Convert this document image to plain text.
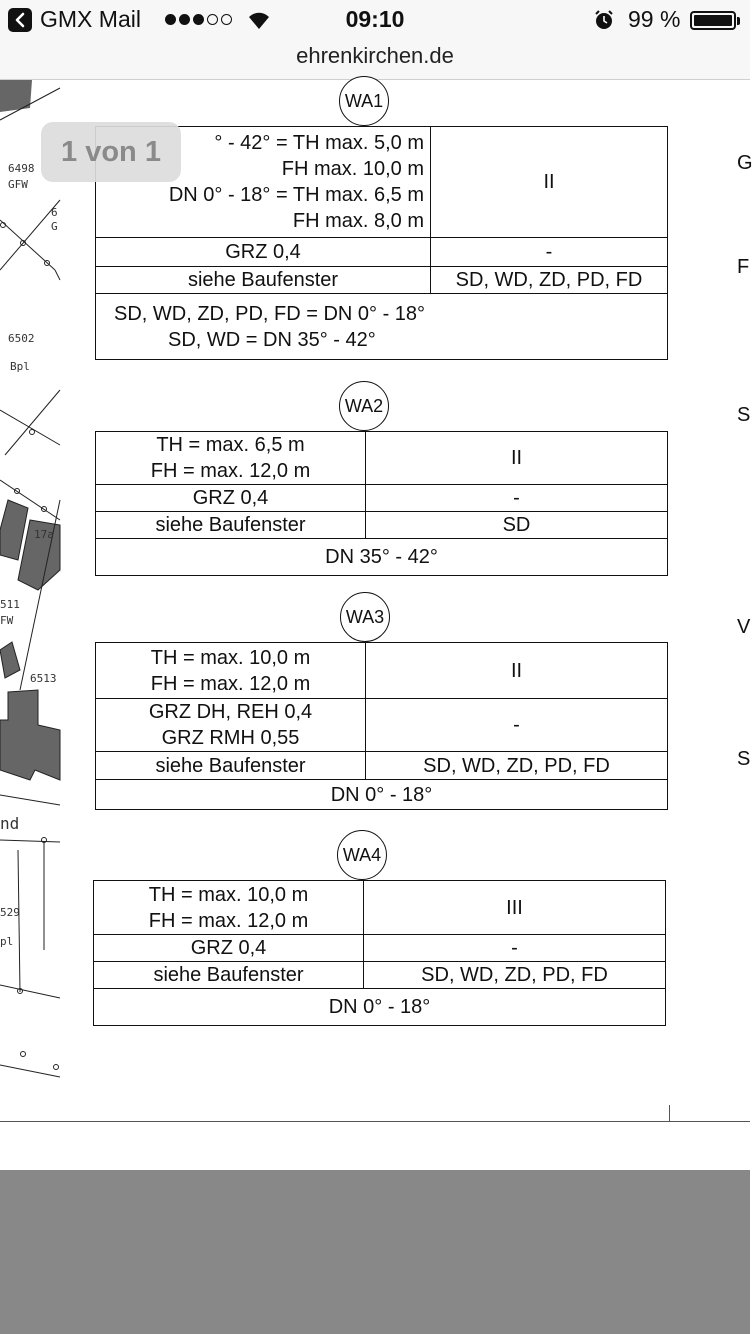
GMX Mail	09:10	99 %
ehrenkirchen.de
6498
GFW
6
G
6502
Bpl
17a
511
FW
6513
nd
529
pl
G
F
S
V
S
WA1
° - 42° = TH max. 5,0 m
FH max. 10,0 m
DN 0° - 18° = TH max. 6,5 m
FH max. 8,0 m	II
GRZ 0,4	-
siehe Baufenster	SD, WD, ZD, PD, FD

SD, WD, ZD, PD, FD = DN 0° - 18°
SD, WD = DN 35° - 42°	
WA2
TH = max. 6,5 m
FH = max. 12,0 m	II
GRZ 0,4	-
siehe Baufenster	SD
DN 35° - 42°	
WA3
TH = max. 10,0 m
FH = max. 12,0 m	II

GRZ DH, REH 0,4
GRZ RMH 0,55	-
siehe Baufenster	SD, WD, ZD, PD, FD
DN 0° - 18°	
WA4
TH = max. 10,0 m
FH = max. 12,0 m	III
GRZ 0,4	-
siehe Baufenster	SD, WD, ZD, PD, FD
DN 0° - 18°	
1 von 1
